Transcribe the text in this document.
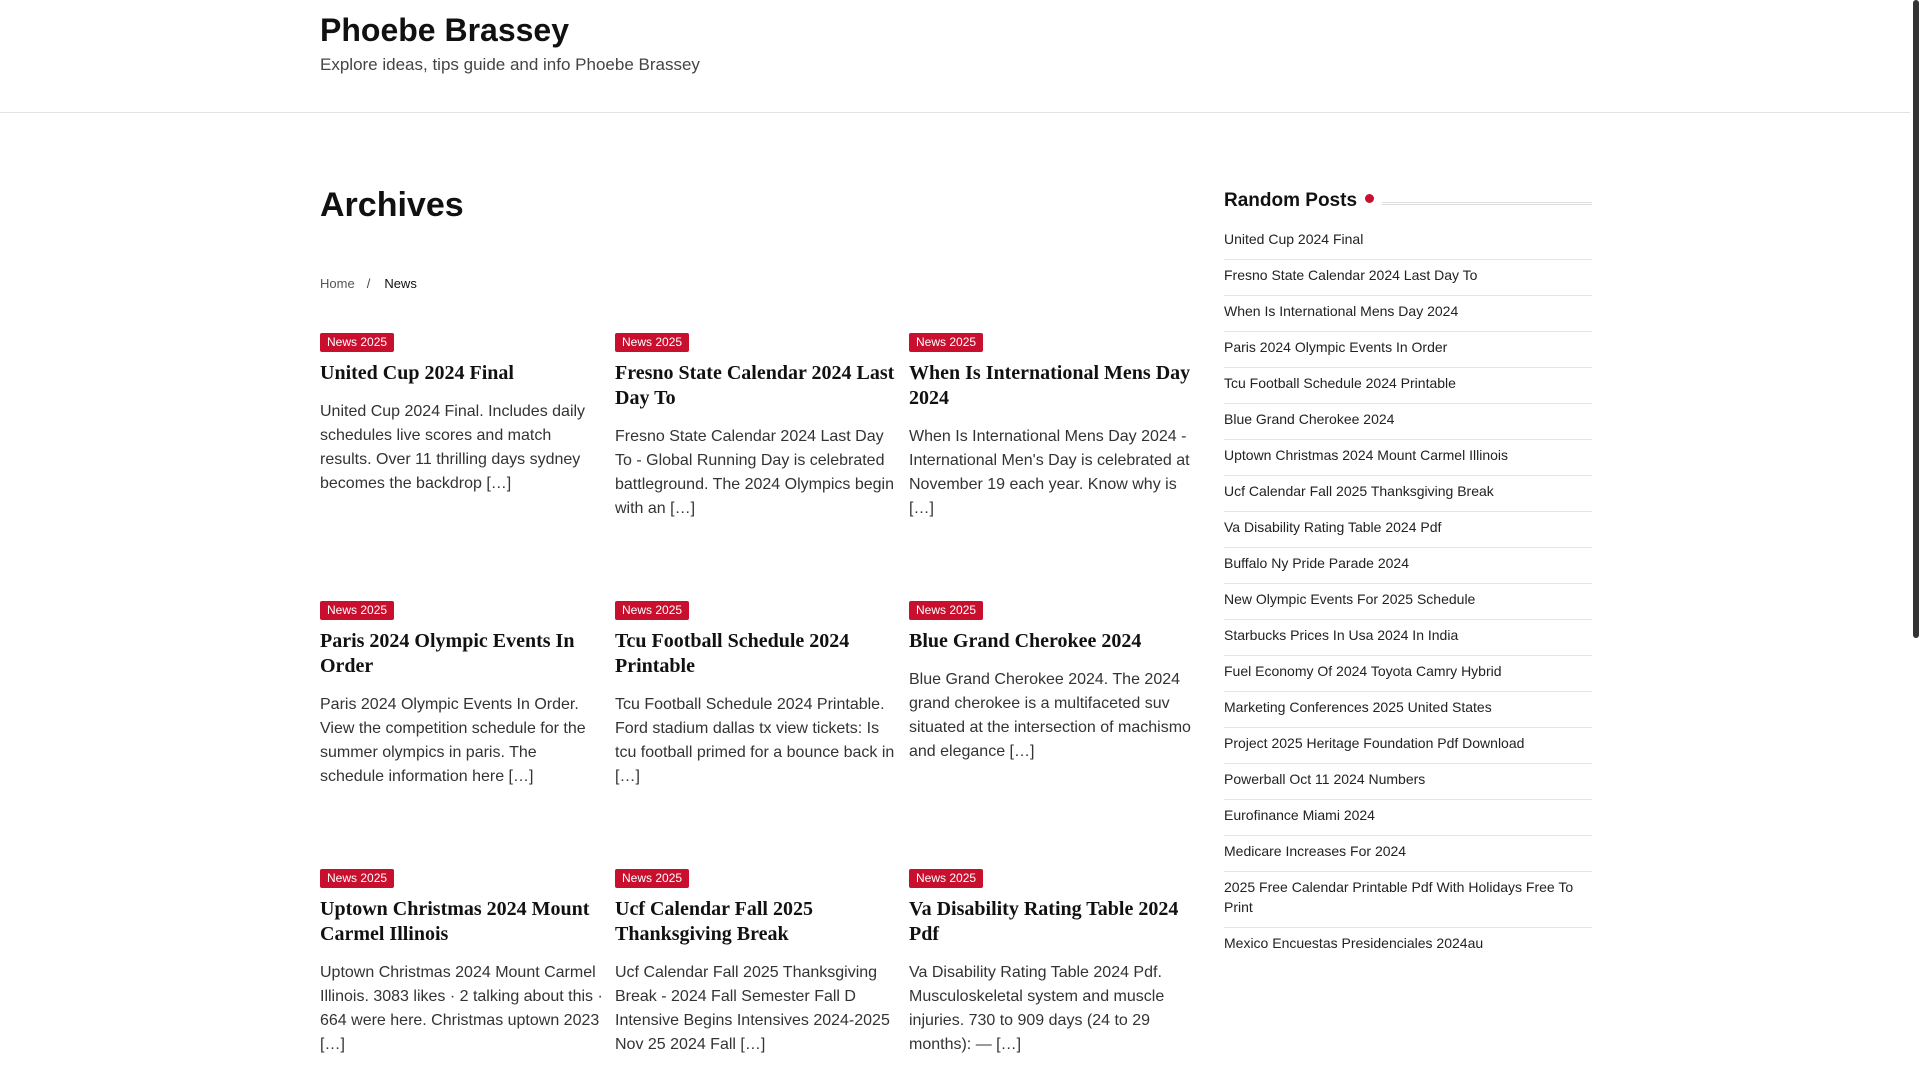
Phoebe Brassey
Explore ideas, tips guide and info Phoebe Brassey
Archives
Home / News
News 2025
United Cup 2024 Final

United Cup 2024 Final. Includes daily schedules live scores and match results. Over 11 thrilling days sydney becomes the backdrop […]

News 2025
Fresno State Calendar 2024 Last Day To

Fresno State Calendar 2024 Last Day To - Global Running Day is celebrated battleground. The 2024 Olympics begin with an […]

News 2025
When Is International Mens Day 2024

When Is International Mens Day 2024 - International Men's Day is celebrated at November 19 each year. Know why is […]

News 2025
Paris 2024 Olympic Events In Order

Paris 2024 Olympic Events In Order. View the competition schedule for the summer olympics in paris. The schedule information here […]

News 2025
Tcu Football Schedule 2024 Printable

Tcu Football Schedule 2024 Printable. Ford stadium dallas tx view tickets: Is tcu football primed for a bounce back in […]

News 2025
Blue Grand Cherokee 2024

Blue Grand Cherokee 2024. The 2024 grand cherokee is a multifaceted suv situated at the intersection of machismo and elegance […]

News 2025
Uptown Christmas 2024 Mount Carmel Illinois

Uptown Christmas 2024 Mount Carmel Illinois. 3083 likes · 2 talking about this · 664 were here. Christmas uptown 2023 […]

News 2025
Ucf Calendar Fall 2025 Thanksgiving Break

Ucf Calendar Fall 2025 Thanksgiving Break - 2024 Fall Semester Fall D Intensive Begins Intensives 2024-2025 Nov 25 2024 Fall […]

News 2025
Va Disability Rating Table 2024 Pdf

Va Disability Rating Table 2024 Pdf. Musculoskeletal system and muscle injuries. 730 to 909 days (24 to 29 months): — […]

Random Posts
United Cup 2024 Final
Fresno State Calendar 2024 Last Day To
When Is International Mens Day 2024
Paris 2024 Olympic Events In Order
Tcu Football Schedule 2024 Printable
Blue Grand Cherokee 2024
Uptown Christmas 2024 Mount Carmel Illinois
Ucf Calendar Fall 2025 Thanksgiving Break
Va Disability Rating Table 2024 Pdf
Buffalo Ny Pride Parade 2024
New Olympic Events For 2025 Schedule
Starbucks Prices In Usa 2024 In India
Fuel Economy Of 2024 Toyota Camry Hybrid
Marketing Conferences 2025 United States
Project 2025 Heritage Foundation Pdf Download
Powerball Oct 11 2024 Numbers
Eurofinance Miami 2024
Medicare Increases For 2024
2025 Free Calendar Printable Pdf With Holidays Free To Print
Mexico Encuestas Presidenciales 2024au
